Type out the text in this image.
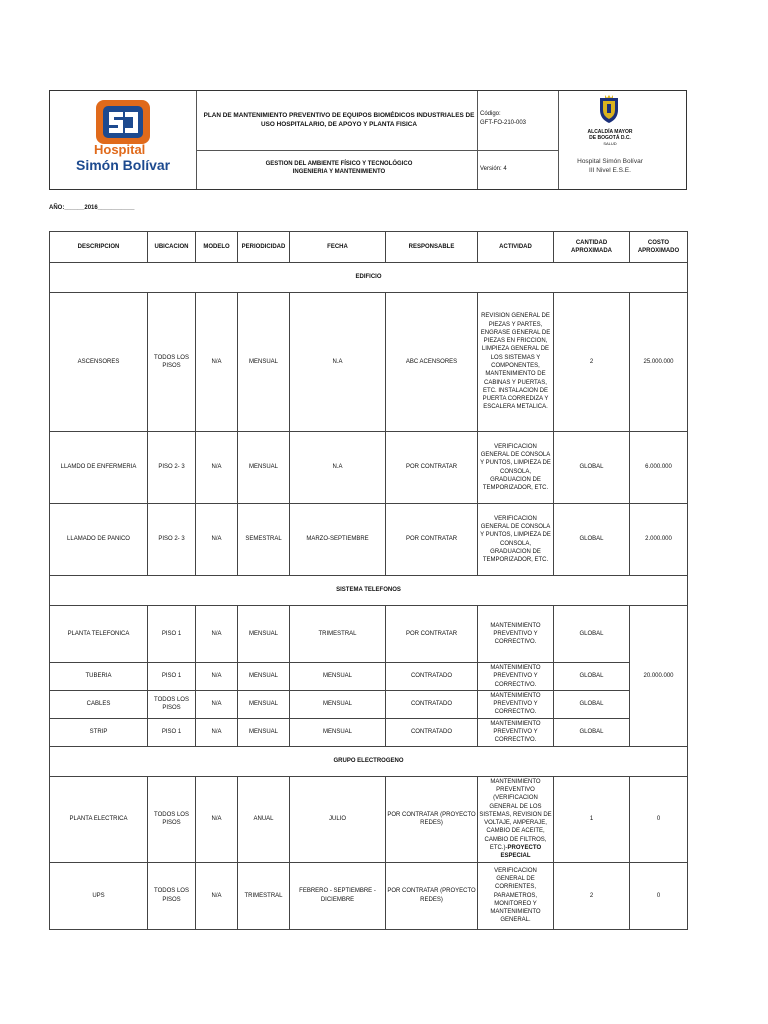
Hospital
Simón Bolívar
PLAN DE MANTENIMIENTO PREVENTIVO DE EQUIPOS BIOMÉDICOS INDUSTRIALES DE USO HOSPITALARIO, DE APOYO Y PLANTA FISICA
GESTION DEL AMBIENTE FÍSICO Y TECNOLÓGICO
INGENIERIA Y MANTENIMIENTO
Código:
GFT-FO-210-003
Versión: 4
ALCALDÍA MAYOR
DE BOGOTÁ D.C.
SALUD
Hospital Simón Bolívar
III Nivel E.S.E.
AÑO:______2016___________
DESCRIPCION	UBICACION	MODELO	PERIODICIDAD	FECHA	RESPONSABLE	ACTIVIDAD	CANTIDAD APROXIMADA	COSTO APROXIMADO
EDIFICIO								
ASCENSORES	TODOS LOS PISOS	N/A	MENSUAL	N.A	ABC ACENSORES	REVISION GENERAL DE PIEZAS Y PARTES, ENGRASE GENERAL DE PIEZAS EN FRICCION, LIMPIEZA GENERAL DE LOS SISTEMAS Y COMPONENTES, MANTENIMIENTO DE CABINAS Y PUERTAS, ETC. INSTALACION DE PUERTA CORREDIZA Y ESCALERA METALICA.	2	25.000.000
LLAMDO DE ENFERMERIA	PISO 2- 3	N/A	MENSUAL	N.A	POR CONTRATAR	VERIFICACION GENERAL DE CONSOLA Y PUNTOS, LIMPIEZA DE CONSOLA, GRADUACION DE TEMPORIZADOR, ETC.	GLOBAL	6.000.000
LLAMADO DE PANICO	PISO 2- 3	N/A	SEMESTRAL	MARZO-SEPTIEMBRE	POR CONTRATAR	VERIFICACION GENERAL DE CONSOLA Y PUNTOS, LIMPIEZA DE CONSOLA, GRADUACION DE TEMPORIZADOR, ETC.	GLOBAL	2.000.000
SISTEMA TELEFONOS								
PLANTA TELEFONICA	PISO 1	N/A	MENSUAL	TRIMESTRAL	POR CONTRATAR	MANTENIMIENTO PREVENTIVO Y CORRECTIVO.	GLOBAL	20.000.000
TUBERIA	PISO 1	N/A	MENSUAL	MENSUAL	CONTRATADO	MANTENIMIENTO PREVENTIVO Y CORRECTIVO.	GLOBAL	
CABLES	TODOS LOS PISOS	N/A	MENSUAL	MENSUAL	CONTRATADO	MANTENIMIENTO PREVENTIVO Y CORRECTIVO.	GLOBAL	
STRIP	PISO 1	N/A	MENSUAL	MENSUAL	CONTRATADO	MANTENIMIENTO PREVENTIVO Y CORRECTIVO.	GLOBAL	
GRUPO ELECTROGENO								
PLANTA ELECTRICA	TODOS LOS PISOS	N/A	ANUAL	JULIO	POR CONTRATAR (PROYECTO REDES)	MANTENIMIENTO PREVENTIVO (VERIFICACION GENERAL DE LOS SISTEMAS, REVISION DE VOLTAJE, AMPERAJE, CAMBIO DE ACEITE, CAMBIO DE FILTROS, ETC.)-PROYECTO ESPECIAL	1	0
UPS	TODOS LOS PISOS	N/A	TRIMESTRAL	FEBRERO - SEPTIEMBRE - DICIEMBRE	POR CONTRATAR (PROYECTO REDES)	VERIFICACION GENERAL DE CORRIENTES, PARAMETROS, MONITOREO Y MANTENIMIENTO GENERAL.	2	0
